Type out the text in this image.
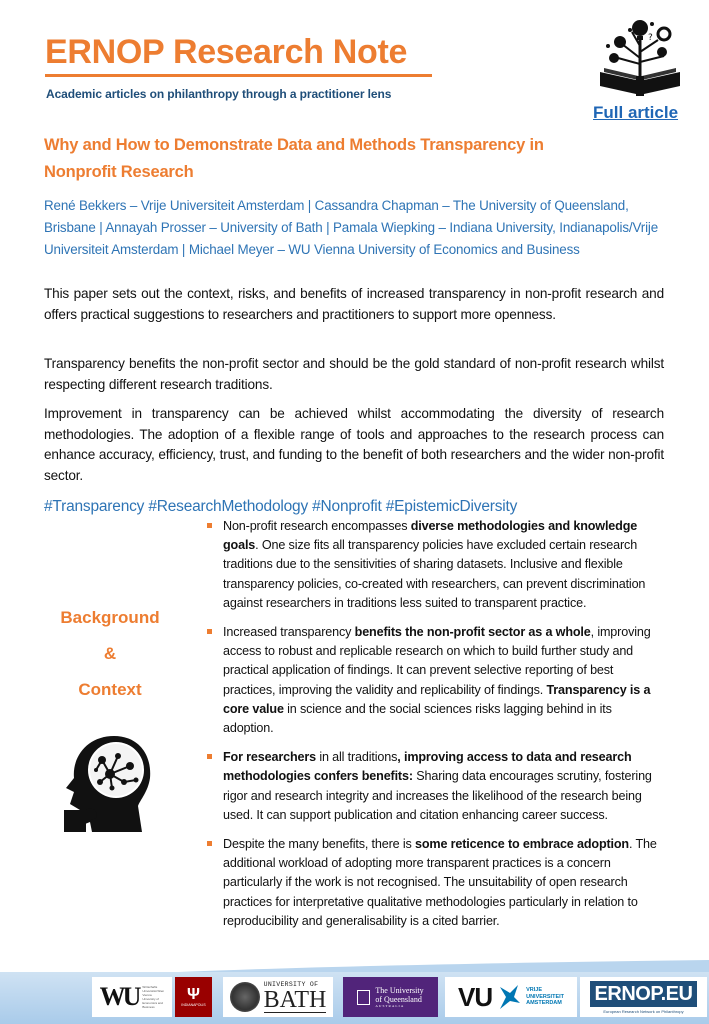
ERNOP Research Note
Academic articles on philanthropy through a practitioner lens
?
Full article
Why and How to Demonstrate Data and Methods Transparency in Nonprofit Research
René Bekkers – Vrije Universiteit Amsterdam | Cassandra Chapman – The University of Queensland, Brisbane | Annayah Prosser – University of Bath | Pamala Wiepking – Indiana University, Indianapolis/Vrije Universiteit Amsterdam | Michael Meyer – WU Vienna University of Economics and Business

This paper sets out the context, risks, and benefits of increased transparency in non-profit research and offers practical suggestions to researchers and practitioners to support more openness.

Transparency benefits the non-profit sector and should be the gold standard of non-profit research whilst respecting different research traditions.

Improvement in transparency can be achieved whilst accommodating the diversity of research methodologies. The adoption of a flexible range of tools and approaches to the research process can enhance accuracy, efficiency, trust, and funding to the benefit of both researchers and the wider non-profit sector.

#Transparency #ResearchMethodology #Nonprofit #EpistemicDiversity
Background
&
Context
Non-profit research encompasses diverse methodologies and knowledge goals. One size fits all transparency policies have excluded certain research traditions due to the sensitivities of sharing datasets. Inclusive and flexible transparency policies, co-created with researchers, can prevent discrimination against researchers in traditions less suited to transparent practice.
Increased transparency benefits the non-profit sector as a whole, improving access to robust and replicable research on which to build further study and practical application of findings. It can prevent selective reporting of best practices, improving the validity and replicability of findings. Transparency is a core value in science and the social sciences risks lagging behind in its adoption.
For researchers in all traditions, improving access to data and research methodologies confers benefits: Sharing data encourages scrutiny, fostering rigor and research integrity and increases the likelihood of the research being used. It can support publication and citation enhancing career success.
Despite the many benefits, there is some reticence to embrace adoption. The additional workload of adopting more transparent practices is a concern particularly if the work is not recognised. The unsuitability of open research practices for interpretative qualitative methodologies particularly in relation to reproducibility and generalisability is a cited barrier.
WU Wirtschafts Universität Wien Vienna University of Economics and Business
Ψ
INDIANAPOLIS
UNIVERSITY OF
BATH	The University
of Queensland
AUSTRALIA	VU	VRIJE
UNIVERSITEIT
AMSTERDAM ERNOP.EU
European Research Network on Philanthropy
